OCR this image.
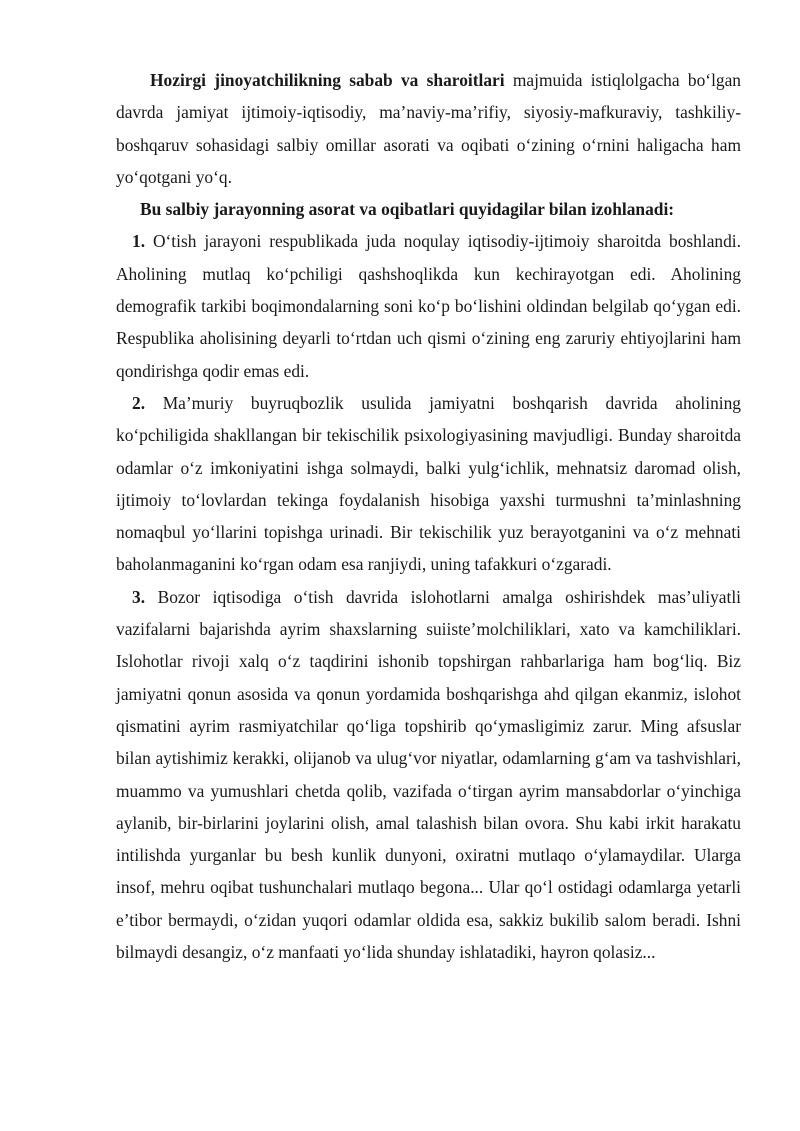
Hozirgi jinoyatchilikning sabab va sharoitlari majmuida istiqlolgacha bo‘lgan davrda jamiyat ijtimoiy-iqtisodiy, ma’naviy-ma’rifiy, siyosiy-mafkuraviy, tashkiliy-boshqaruv sohasidagi salbiy omillar asorati va oqibati o‘zining o‘rnini haligacha ham yo‘qotgani yo‘q.

Bu salbiy jarayonning asorat va oqibatlari quyidagilar bilan izohlanadi:

1. O‘tish jarayoni respublikada juda noqulay iqtisodiy-ijtimoiy sharoitda boshlandi. Aholining mutlaq ko‘pchiligi qashshoqlikda kun kechirayotgan edi. Aholining demografik tarkibi boqimondalarning soni ko‘p bo‘lishini oldindan belgilab qo‘ygan edi. Respublika aholisining deyarli to‘rtdan uch qismi o‘zining eng zaruriy ehtiyojlarini ham qondirishga qodir emas edi.

2. Ma’muriy buyruqbozlik usulida jamiyatni boshqarish davrida aholining ko‘pchiligida shakllangan bir tekischilik psixologiyasining mavjudligi. Bunday sharoitda odamlar o‘z imkoniyatini ishga solmaydi, balki yulg‘ichlik, mehnatsiz daromad olish, ijtimoiy to‘lovlardan tekinga foydalanish hisobiga yaxshi turmushni ta’minlashning nomaqbul yo‘llarini topishga urinadi. Bir tekischilik yuz berayotganini va o‘z mehnati baholanmaganini ko‘rgan odam esa ranjiydi, uning tafakkuri o‘zgaradi.

3. Bozor iqtisodiga o‘tish davrida islohotlarni amalga oshirishdek mas’uliyatli vazifalarni bajarishda ayrim shaxslarning suiiste’molchiliklari, xato va kamchiliklari. Islohotlar rivoji xalq o‘z taqdirini ishonib topshirgan rahbarlariga ham bog‘liq. Biz jamiyatni qonun asosida va qonun yordamida boshqarishga ahd qilgan ekanmiz, islohot qismatini ayrim rasmiyatchilar qo‘liga topshirib qo‘ymasligimiz zarur. Ming afsuslar bilan aytishimiz kerakki, olijanob va ulug‘vor niyatlar, odamlarning g‘am va tashvishlari, muammo va yumushlari chetda qolib, vazifada o‘tirgan ayrim mansabdorlar o‘yinchiga aylanib, bir-birlarini joylarini olish, amal talashish bilan ovora. Shu kabi irkit harakatu intilishda yurganlar bu besh kunlik dunyoni, oxiratni mutlaqo o‘ylamaydilar. Ularga insof, mehru oqibat tushunchalari mutlaqo begona... Ular qo‘l ostidagi odamlarga yetarli e’tibor bermaydi, o‘zidan yuqori odamlar oldida esa, sakkiz bukilib salom beradi. Ishni bilmaydi desangiz, o‘z manfaati yo‘lida shunday ishlatadiki, hayron qolasiz...
